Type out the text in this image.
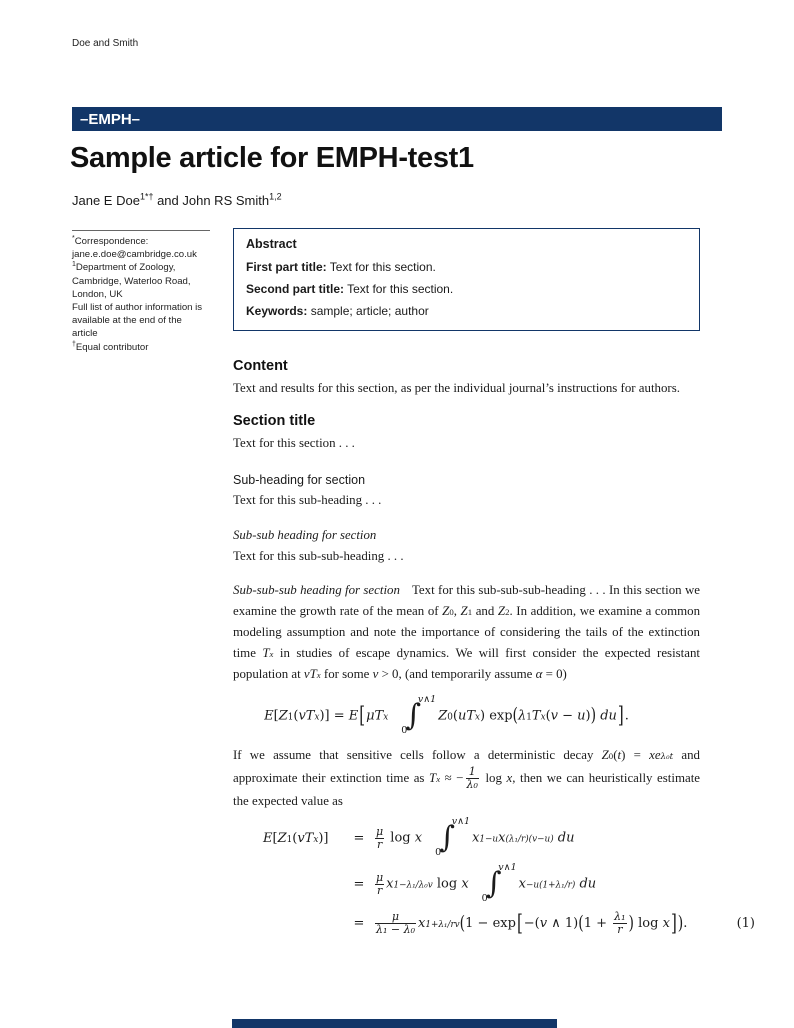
Doe and Smith
–EMPH–
Sample article for EMPH-test1
Jane E Doe$^{1*\dagger}$ and John RS Smith$^{1,2}$
*Correspondence:
jane.e.doe@cambridge.co.uk
$^1$Department of Zoology,
Cambridge, Waterloo Road,
London, UK
Full list of author information is
available at the end of the article
†Equal contributor
Abstract
First part title: Text for this section.
Second part title: Text for this section.
Keywords: sample; article; author
Content

Text and results for this section, as per the individual journal’s instructions for authors.

Section title

Text for this section . . .

Sub-heading for section

Text for this sub-heading . . .

Sub-sub heading for section

Text for this sub-sub-heading . . .

Sub-sub-sub heading for section Text for this sub-sub-sub-heading . . . In this section we examine the growth rate of the mean of Z0, Z1 and Z2. In addition, we examine a common modeling assumption and note the importance of considering the tails of the extinction time Tx in studies of escape dynamics. We will first consider the expected resistant population at vTx for some v > 0, (and temporarily assume α = 0)

E[Z1(vTx)] = E[μTx ∫
v∧1
0
Z0(uTx) exp(λ1Tx(v − u)) du].

If we assume that sensitive cells follow a deterministic decay $Z0(t) = xe^{\lambda_0t}$ and approximate their extinction time as Tx ≈ − $\frac{1}{\text{λ₀}}$ log x, then we can heuristically estimate the expected value as

E[Z1(vTx)]	= $\frac{\mu}{r}$ log x ∫
v∧1
0
$x^{1-u}x^{(\lambda_1/r)(v-u)}$ du
= $\frac{\mu}{r} x^{1-\lambda_1/\lambda_0v}$ log x ∫
v∧1
0
$x^{-u(1+\lambda_1/r)}$ du
= $\frac{\mu}{\text{λ₁ − λ₀}} x^{1+\lambda_1/rv}(1 - \exp[-(v$ ∧ $1)(1 + \frac{\text{λ₁}}{r}$ ) log x]).	(1)
